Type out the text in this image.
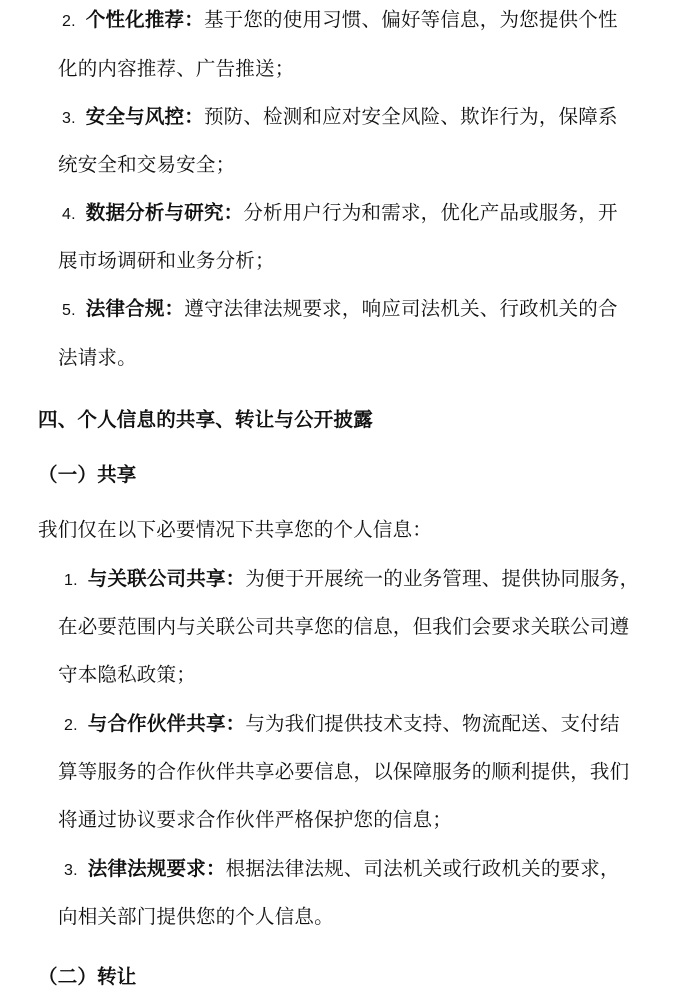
2. 个性化推荐：基于您的使用习惯、偏好等信息，为您提供个性
化的内容推荐、广告推送；
3. 安全与风控：预防、检测和应对安全风险、欺诈行为，保障系
统安全和交易安全；
4. 数据分析与研究：分析用户行为和需求，优化产品或服务，开
展市场调研和业务分析；
5. 法律合规：遵守法律法规要求，响应司法机关、行政机关的合
法请求。
四、个人信息的共享、转让与公开披露
（一）共享
我们仅在以下必要情况下共享您的个人信息：
1. 与关联公司共享：为便于开展统一的业务管理、提供协同服务，
在必要范围内与关联公司共享您的信息，但我们会要求关联公司遵
守本隐私政策；
2. 与合作伙伴共享：与为我们提供技术支持、物流配送、支付结
算等服务的合作伙伴共享必要信息，以保障服务的顺利提供，我们
将通过协议要求合作伙伴严格保护您的信息；
3. 法律法规要求：根据法律法规、司法机关或行政机关的要求，
向相关部门提供您的个人信息。
（二）转让
